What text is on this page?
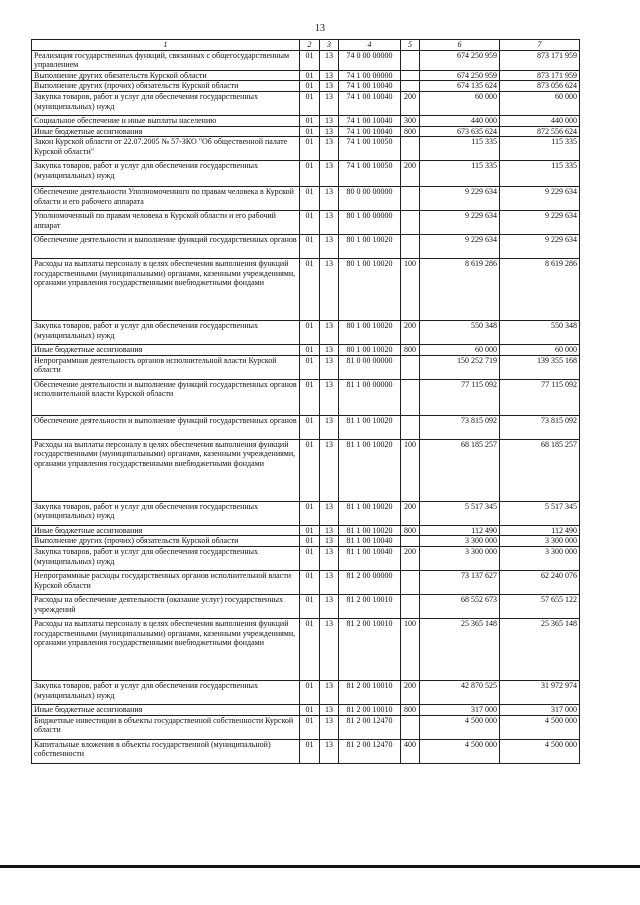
13
1	2	3	4	5	6	7
Реализация государственных функций, связанных с общегосударственным управлением	01	13	74 0 00 00000		674 250 959	873 171 959
Выполнение других обязательств Курской области	01	13	74 1 00 00000		674 250 959	873 171 959
Выполнение других (прочих) обязательств Курской области	01	13	74 1 00 10040		674 135 624	873 056 624
Закупка товаров, работ и услуг для обеспечения государственных (муниципальных) нужд	01	13	74 1 00 10040	200	60 000	60 000
Социальное обеспечение и иные выплаты населению	01	13	74 1 00 10040	300	440 000	440 000
Иные бюджетные ассигнования	01	13	74 1 00 10040	800	673 635 624	872 556 624
Закон Курской области от 22.07.2005 № 57-ЗКО "Об общественной палате Курской области"	01	13	74 1 00 10050		115 335	115 335
Закупка товаров, работ и услуг для обеспечения государственных (муниципальных) нужд	01	13	74 1 00 10050	200	115 335	115 335
Обеспечение деятельности Уполномоченного по правам человека в Курской области и его рабочего аппарата	01	13	80 0 00 00000		9 229 634	9 229 634
Уполномоченный по правам человека в Курской области и его рабочий аппарат	01	13	80 1 00 00000		9 229 634	9 229 634
Обеспечение деятельности и выполнение функций государственных органов	01	13	80 1 00 10020		9 229 634	9 229 634
Расходы на выплаты персоналу в целях обеспечения выполнения функций государственными (муниципальными) органами, казенными учреждениями, органами управления государственными внебюджетными фондами	01	13	80 1 00 10020	100	8 619 286	8 619 286
Закупка товаров, работ и услуг для обеспечения государственных (муниципальных) нужд	01	13	80 1 00 10020	200	550 348	550 348
Иные бюджетные ассигнования	01	13	80 1 00 10020	800	60 000	60 000
Непрограммная деятельность органов исполнительной власти Курской области	01	13	81 0 00 00000		150 252 719	139 355 168
Обеспечение деятельности и выполнение функций государственных органов исполнительной власти Курской области	01	13	81 1 00 00000		77 115 092	77 115 092
Обеспечение деятельности и выполнение функций государственных органов	01	13	81 1 00 10020		73 815 092	73 815 092
Расходы на выплаты персоналу в целях обеспечения выполнения функций государственными (муниципальными) органами, казенными учреждениями, органами управления государственными внебюджетными фондами	01	13	81 1 00 10020	100	68 185 257	68 185 257
Закупка товаров, работ и услуг для обеспечения государственных (муниципальных) нужд	01	13	81 1 00 10020	200	5 517 345	5 517 345
Иные бюджетные ассигнования	01	13	81 1 00 10020	800	112 490	112 490
Выполнение других (прочих) обязательств Курской области	01	13	81 1 00 10040		3 300 000	3 300 000
Закупка товаров, работ и услуг для обеспечения государственных (муниципальных) нужд	01	13	81 1 00 10040	200	3 300 000	3 300 000
Непрограммные расходы государственных органов исполнительной власти Курской области	01	13	81 2 00 00000		73 137 627	62 240 076
Расходы на обеспечение деятельности (оказание услуг) государственных учреждений	01	13	81 2 00 10010		68 552 673	57 655 122
Расходы на выплаты персоналу в целях обеспечения выполнения функций государственными (муниципальными) органами, казенными учреждениями, органами управления государственными внебюджетными фондами	01	13	81 2 00 10010	100	25 365 148	25 365 148
Закупка товаров, работ и услуг для обеспечения государственных (муниципальных) нужд	01	13	81 2 00 10010	200	42 870 525	31 972 974
Иные бюджетные ассигнования	01	13	81 2 00 10010	800	317 000	317 000
Бюджетные инвестиции в объекты государственной собственности Курской области	01	13	81 2 00 12470		4 500 000	4 500 000
Капитальные вложения в объекты государственной (муниципальной) собственности	01	13	81 2 00 12470	400	4 500 000	4 500 000
